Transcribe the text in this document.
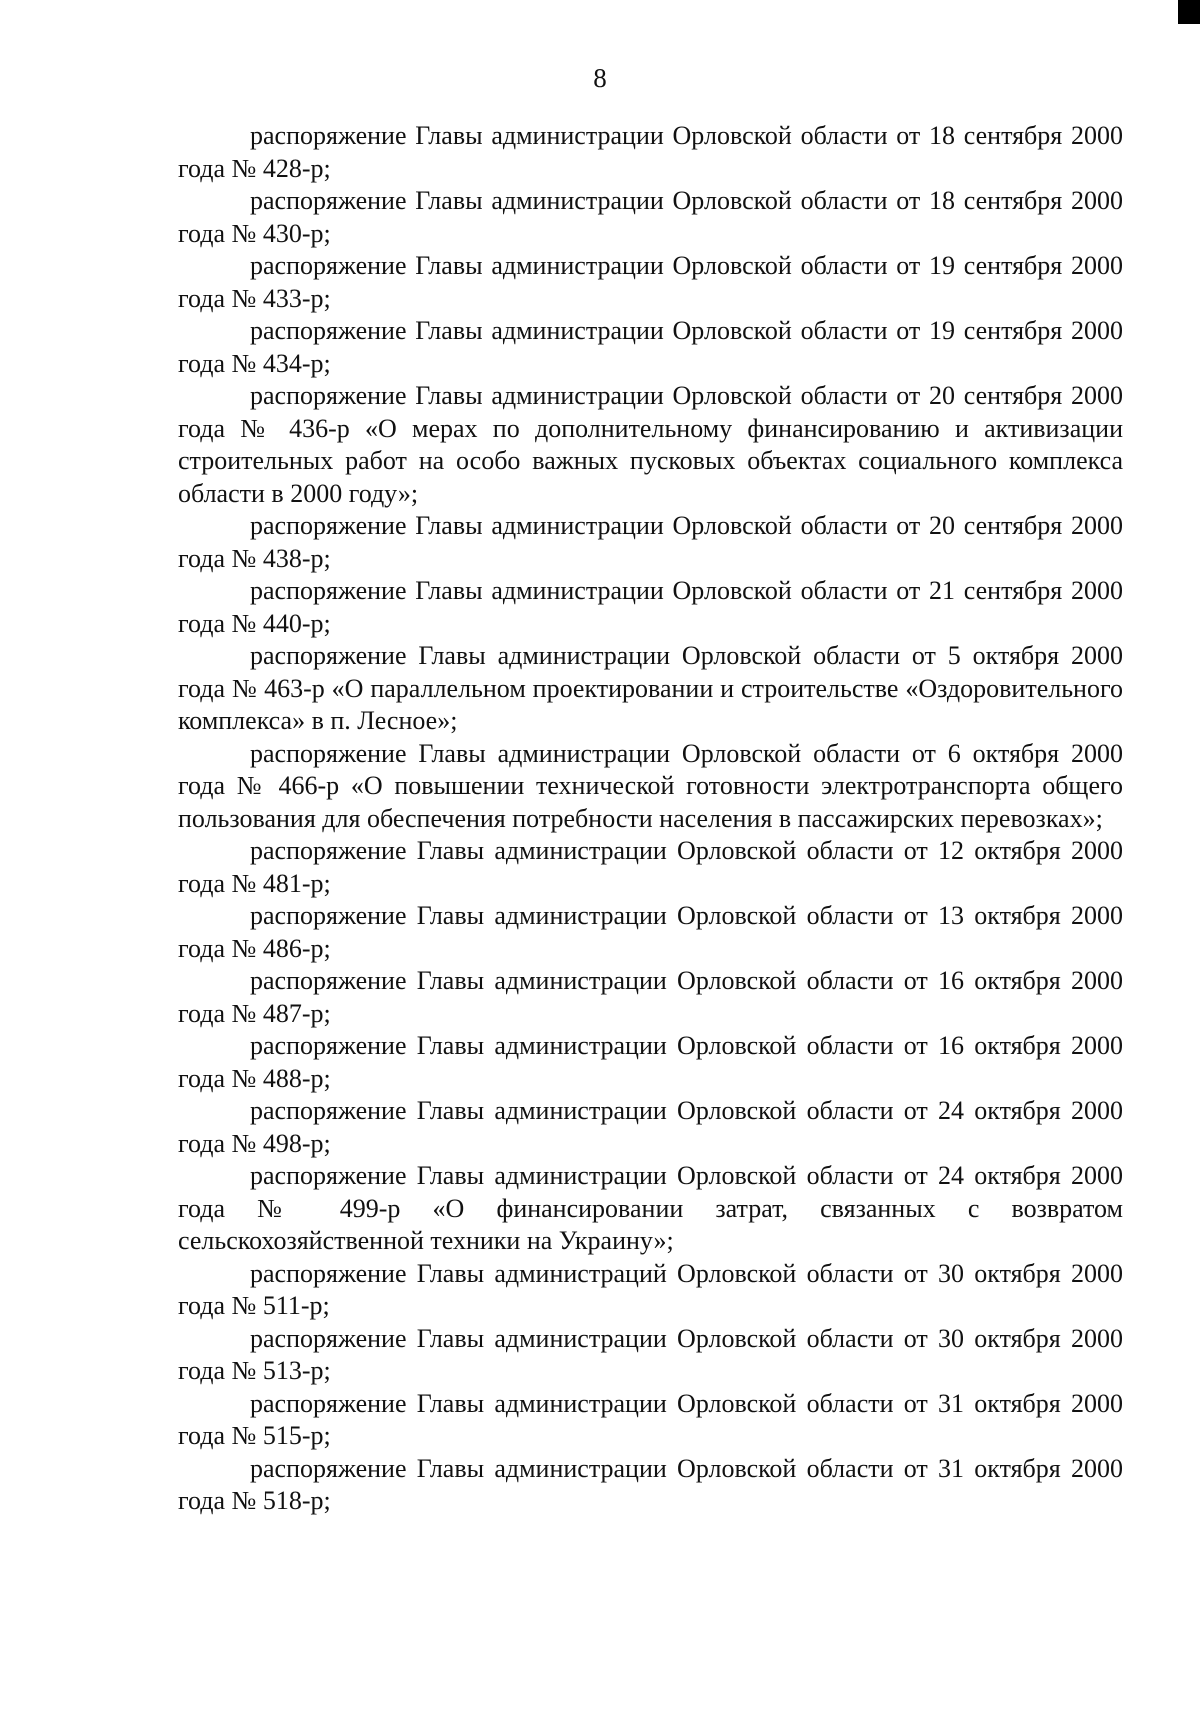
8

распоряжение Главы администрации Орловской области от 18 сентября 2000 года № 428-р;

распоряжение Главы администрации Орловской области от 18 сентября 2000 года № 430-р;

распоряжение Главы администрации Орловской области от 19 сентября 2000 года № 433-р;

распоряжение Главы администрации Орловской области от 19 сентября 2000 года № 434-р;

распоряжение Главы администрации Орловской области от 20 сентября 2000 года № 436-р «О мерах по дополнительному финансированию и активизации строительных работ на особо важных пусковых объектах социального комплекса области в 2000 году»;

распоряжение Главы администрации Орловской области от 20 сентября 2000 года № 438-р;

распоряжение Главы администрации Орловской области от 21 сентября 2000 года № 440-р;

распоряжение Главы администрации Орловской области от 5 октября 2000 года № 463-р «О параллельном проектировании и строительстве «Оздоровительного комплекса» в п. Лесное»;

распоряжение Главы администрации Орловской области от 6 октября 2000 года № 466-р «О повышении технической готовности электротранспорта общего пользования для обеспечения потребности населения в пассажирских перевозках»;

распоряжение Главы администрации Орловской области от 12 октября 2000 года № 481-р;

распоряжение Главы администрации Орловской области от 13 октября 2000 года № 486-р;

распоряжение Главы администрации Орловской области от 16 октября 2000 года № 487-р;

распоряжение Главы администрации Орловской области от 16 октября 2000 года № 488-р;

распоряжение Главы администрации Орловской области от 24 октября 2000 года № 498-р;

распоряжение Главы администрации Орловской области от 24 октября 2000 года № 499-р «О финансировании затрат, связанных с возвратом сельскохозяйственной техники на Украину»;

распоряжение Главы администраций Орловской области от 30 октября 2000 года № 511-р;

распоряжение Главы администрации Орловской области от 30 октября 2000 года № 513-р;

распоряжение Главы администрации Орловской области от 31 октября 2000 года № 515-р;

распоряжение Главы администрации Орловской области от 31 октября 2000 года № 518-р;
